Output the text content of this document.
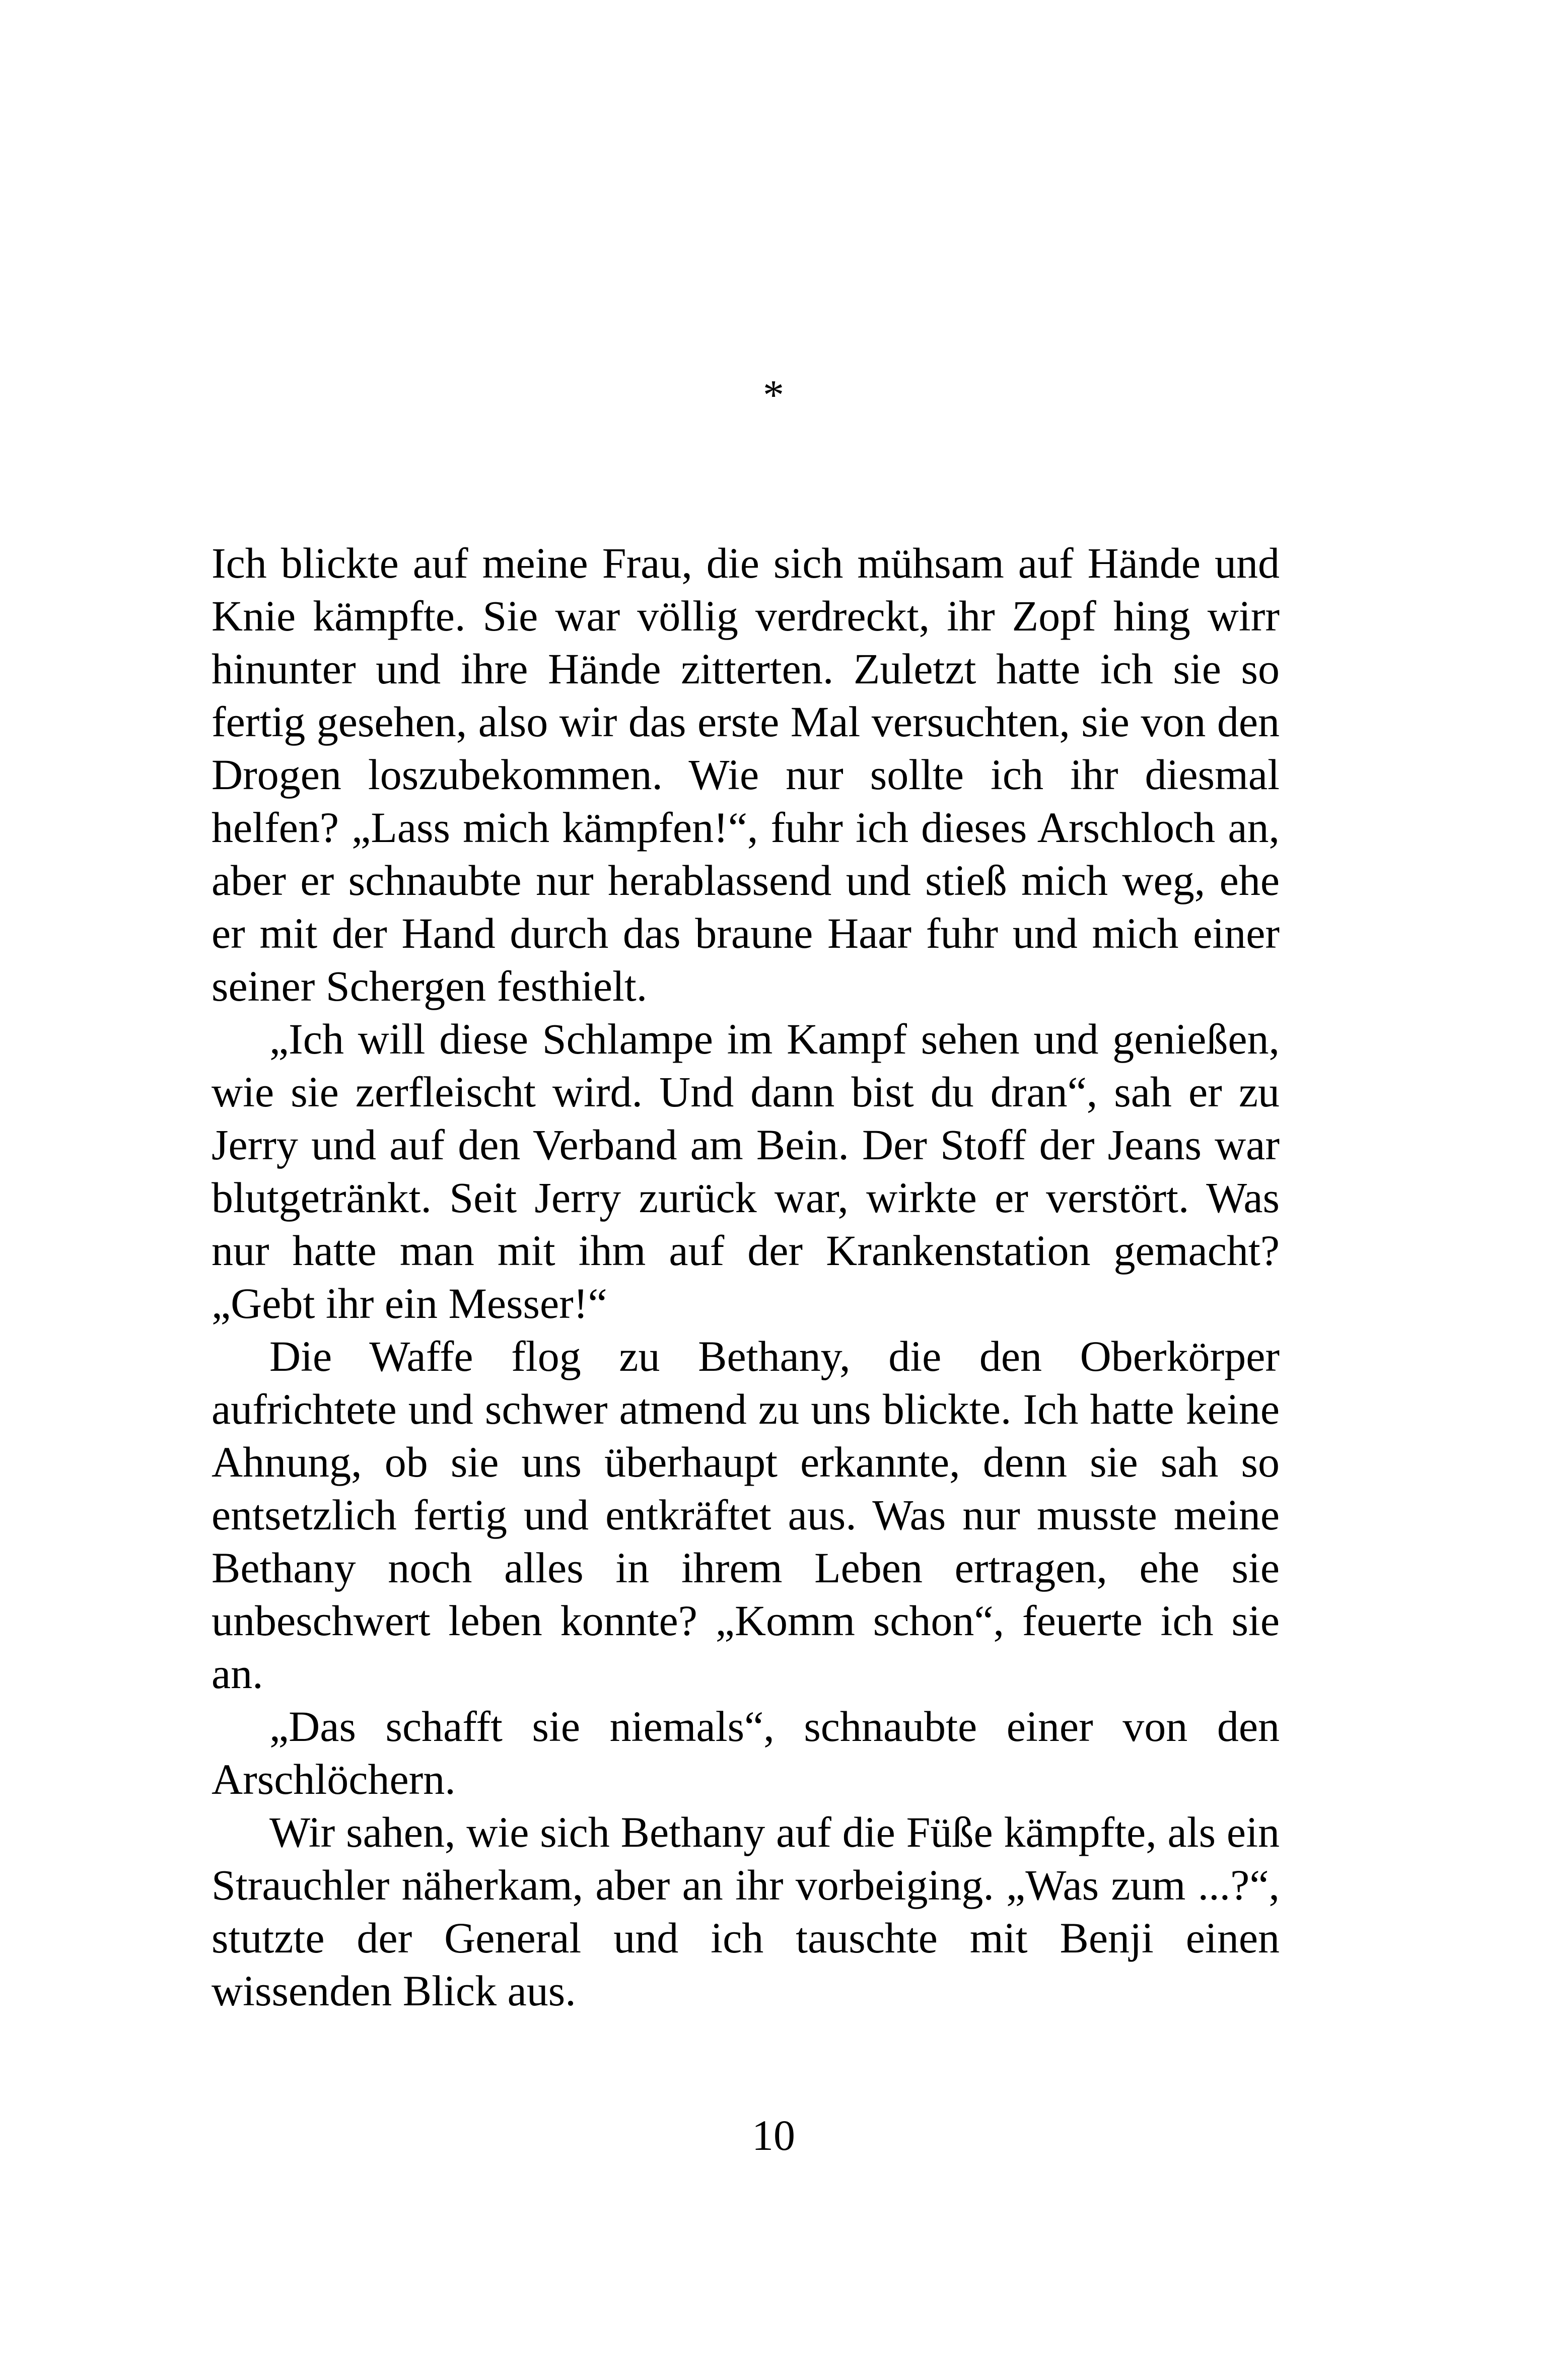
*

Ich blickte auf meine Frau, die sich mühsam auf Hände und Knie kämpfte. Sie war völlig verdreckt, ihr Zopf hing wirr hinunter und ihre Hände zitterten. Zuletzt hatte ich sie so fertig gesehen, also wir das erste Mal versuchten, sie von den Drogen loszubekommen. Wie nur sollte ich ihr diesmal helfen? „Lass mich kämpfen!“, fuhr ich dieses Arschloch an, aber er schnaubte nur herablassend und stieß mich weg, ehe er mit der Hand durch das braune Haar fuhr und mich einer seiner Schergen festhielt.

„Ich will diese Schlampe im Kampf sehen und genießen, wie sie zerfleischt wird. Und dann bist du dran“, sah er zu Jerry und auf den Verband am Bein. Der Stoff der Jeans war blutgetränkt. Seit Jerry zurück war, wirkte er verstört. Was nur hatte man mit ihm auf der Krankenstation gemacht? „Gebt ihr ein Messer!“

Die Waffe flog zu Bethany, die den Oberkörper aufrichtete und schwer atmend zu uns blickte. Ich hatte keine Ahnung, ob sie uns überhaupt erkannte, denn sie sah so entsetzlich fertig und entkräftet aus. Was nur musste meine Bethany noch alles in ihrem Leben ertragen, ehe sie unbeschwert leben konnte? „Komm schon“, feuerte ich sie an.

„Das schafft sie niemals“, schnaubte einer von den Arschlöchern.

Wir sahen, wie sich Bethany auf die Füße kämpfte, als ein Strauchler näherkam, aber an ihr vorbeiging. „Was zum ...?“, stutzte der General und ich tauschte mit Benji einen wissenden Blick aus.

10
